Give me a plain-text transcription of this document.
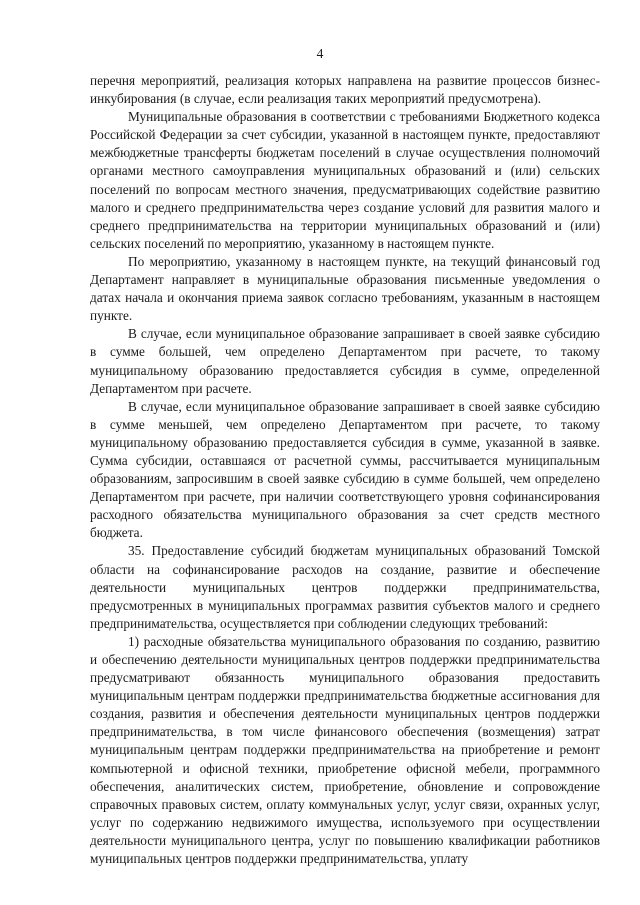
4

перечня мероприятий, реализация которых направлена на развитие процессов бизнес-инкубирования (в случае, если реализация таких мероприятий предусмотрена).

Муниципальные образования в соответствии с требованиями Бюджетного кодекса Российской Федерации за счет субсидии, указанной в настоящем пункте, предоставляют межбюджетные трансферты бюджетам поселений в случае осуществления полномочий органами местного самоуправления муниципальных образований и (или) сельских поселений по вопросам местного значения, предусматривающих содействие развитию малого и среднего предпринимательства через создание условий для развития малого и среднего предпринимательства на территории муниципальных образований и (или) сельских поселений по мероприятию, указанному в настоящем пункте.

По мероприятию, указанному в настоящем пункте, на текущий финансовый год Департамент направляет в муниципальные образования письменные уведомления о датах начала и окончания приема заявок согласно требованиям, указанным в настоящем пункте.

В случае, если муниципальное образование запрашивает в своей заявке субсидию в сумме большей, чем определено Департаментом при расчете, то такому муниципальному образованию предоставляется субсидия в сумме, определенной Департаментом при расчете.

В случае, если муниципальное образование запрашивает в своей заявке субсидию в сумме меньшей, чем определено Департаментом при расчете, то такому муниципальному образованию предоставляется субсидия в сумме, указанной в заявке. Сумма субсидии, оставшаяся от расчетной суммы, рассчитывается муниципальным образованиям, запросившим в своей заявке субсидию в сумме большей, чем определено Департаментом при расчете, при наличии соответствующего уровня софинансирования расходного обязательства муниципального образования за счет средств местного бюджета.

35. Предоставление субсидий бюджетам муниципальных образований Томской области на софинансирование расходов на создание, развитие и обеспечение деятельности муниципальных центров поддержки предпринимательства, предусмотренных в муниципальных программах развития субъектов малого и среднего предпринимательства, осуществляется при соблюдении следующих требований:

1) расходные обязательства муниципального образования по созданию, развитию и обеспечению деятельности муниципальных центров поддержки предпринимательства предусматривают обязанность муниципального образования предоставить муниципальным центрам поддержки предпринимательства бюджетные ассигнования для создания, развития и обеспечения деятельности муниципальных центров поддержки предпринимательства, в том числе финансового обеспечения (возмещения) затрат муниципальным центрам поддержки предпринимательства на приобретение и ремонт компьютерной и офисной техники, приобретение офисной мебели, программного обеспечения, аналитических систем, приобретение, обновление и сопровождение справочных правовых систем, оплату коммунальных услуг, услуг связи, охранных услуг, услуг по содержанию недвижимого имущества, используемого при осуществлении деятельности муниципального центра, услуг по повышению квалификации работников муниципальных центров поддержки предпринимательства, уплату
